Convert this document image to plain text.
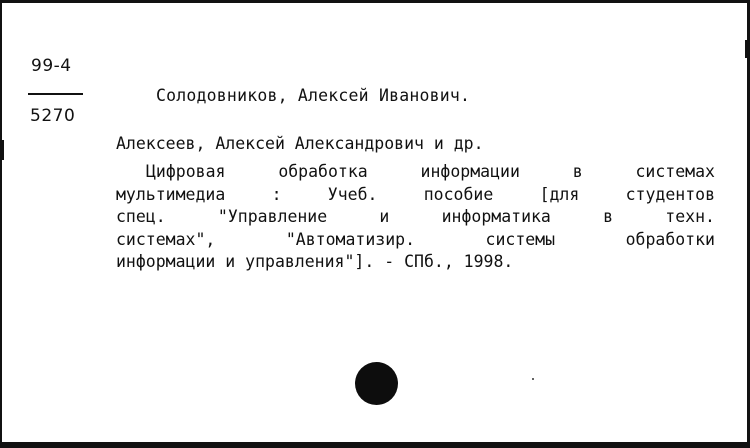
99-4
5270
Солодовников, Алексей Иванович.
Алексеев, Алексей Александрович и др.
Цифровая	обработка	информации	в	системах
мультимедиа	:	Учеб.	пособие	[для	студентов
спец.	"Управление	и	информатика	в	техн.
системах",	"Автоматизир.	системы	обработки
информации и управления"]. - СПб., 1998.
